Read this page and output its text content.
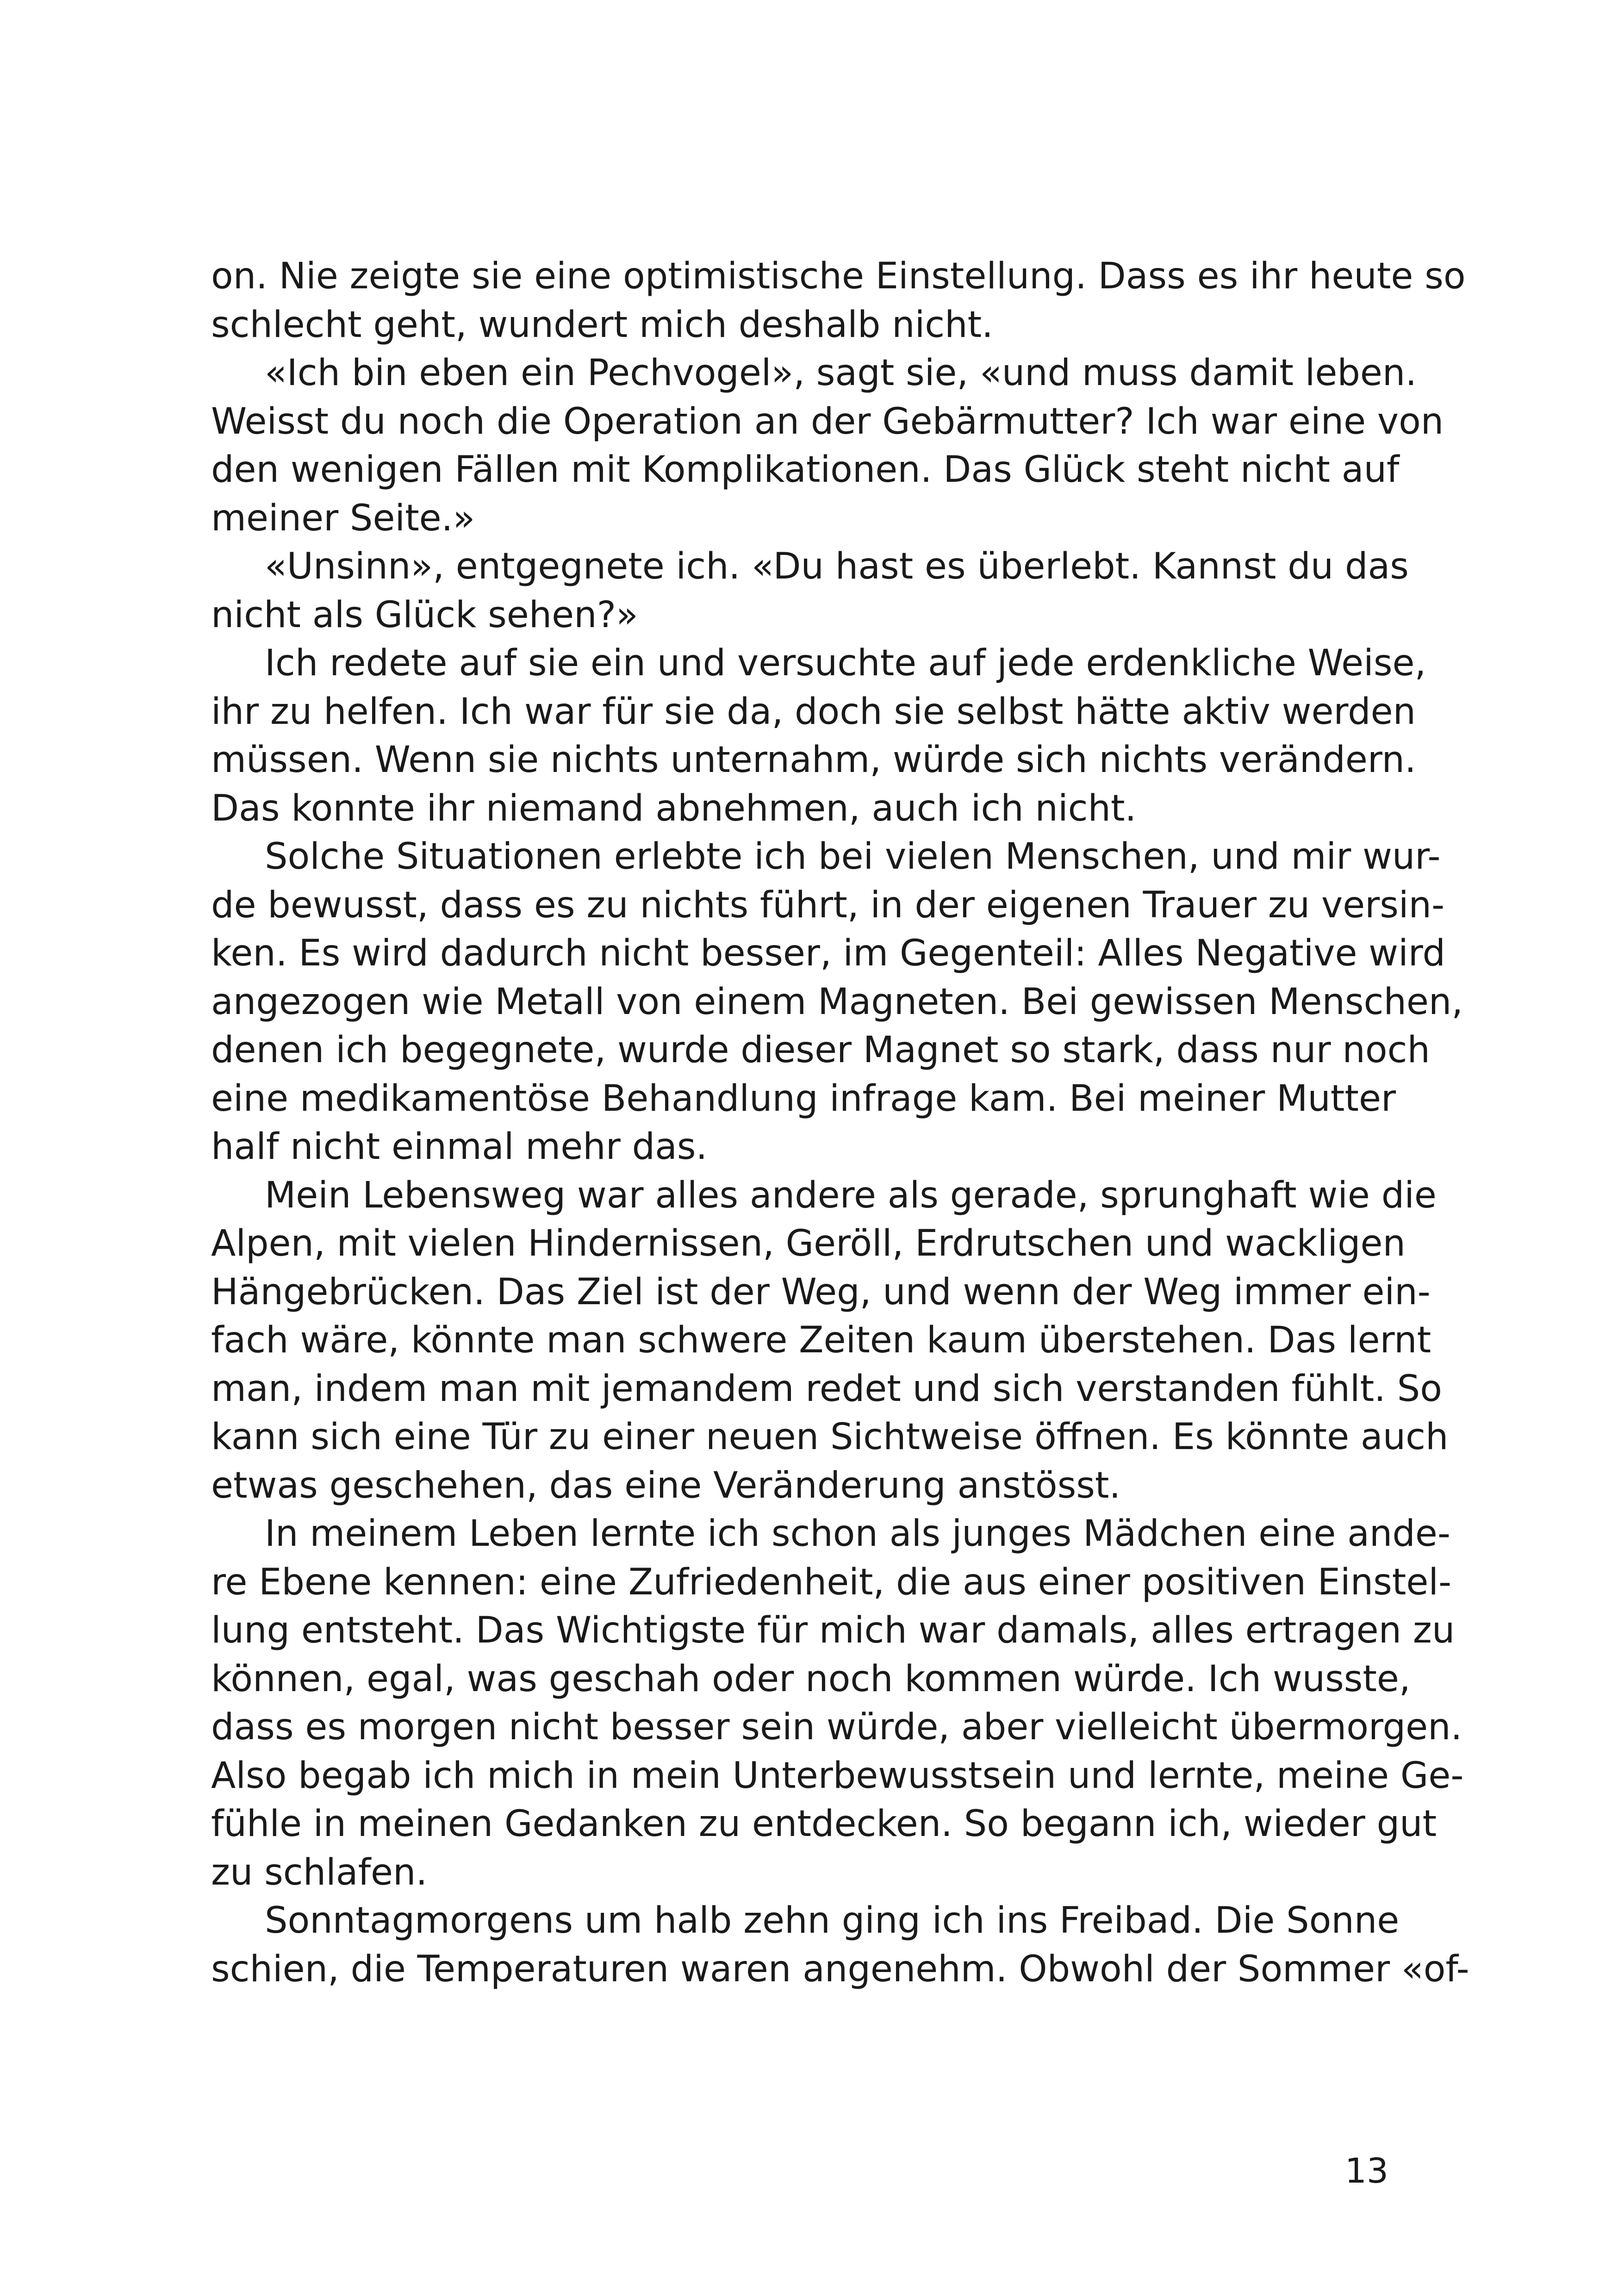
on. Nie zeigte sie eine optimistische Einstellung. Dass es ihr heute so
schlecht geht, wundert mich deshalb nicht.
«Ich bin eben ein Pechvogel», sagt sie, «und muss damit leben.
Weisst du noch die Operation an der Gebärmutter? Ich war eine von
den wenigen Fällen mit Komplikationen. Das Glück steht nicht auf
meiner Seite.»
«Unsinn», entgegnete ich. «Du hast es überlebt. Kannst du das
nicht als Glück sehen?»
Ich redete auf sie ein und versuchte auf jede erdenkliche Weise,
ihr zu helfen. Ich war für sie da, doch sie selbst hätte aktiv werden
müssen. Wenn sie nichts unternahm, würde sich nichts verändern.
Das konnte ihr niemand abnehmen, auch ich nicht.
Solche Situationen erlebte ich bei vielen Menschen, und mir wur-
de bewusst, dass es zu nichts führt, in der eigenen Trauer zu versin-
ken. Es wird dadurch nicht besser, im Gegenteil: Alles Negative wird
angezogen wie Metall von einem Magneten. Bei gewissen Menschen,
denen ich begegnete, wurde dieser Magnet so stark, dass nur noch
eine medikamentöse Behandlung infrage kam. Bei meiner Mutter
half nicht einmal mehr das.
Mein Lebensweg war alles andere als gerade, sprunghaft wie die
Alpen, mit vielen Hindernissen, Geröll, Erdrutschen und wackligen
Hängebrücken. Das Ziel ist der Weg, und wenn der Weg immer ein-
fach wäre, könnte man schwere Zeiten kaum überstehen. Das lernt
man, indem man mit jemandem redet und sich verstanden fühlt. So
kann sich eine Tür zu einer neuen Sichtweise öffnen. Es könnte auch
etwas geschehen, das eine Veränderung anstösst.
In meinem Leben lernte ich schon als junges Mädchen eine ande-
re Ebene kennen: eine Zufriedenheit, die aus einer positiven Einstel-
lung entsteht. Das Wichtigste für mich war damals, alles ertragen zu
können, egal, was geschah oder noch kommen würde. Ich wusste,
dass es morgen nicht besser sein würde, aber vielleicht übermorgen.
Also begab ich mich in mein Unterbewusstsein und lernte, meine Ge-
fühle in meinen Gedanken zu entdecken. So begann ich, wieder gut
zu schlafen.
Sonntagmorgens um halb zehn ging ich ins Freibad. Die Sonne
schien, die Temperaturen waren angenehm. Obwohl der Sommer «of-
13
